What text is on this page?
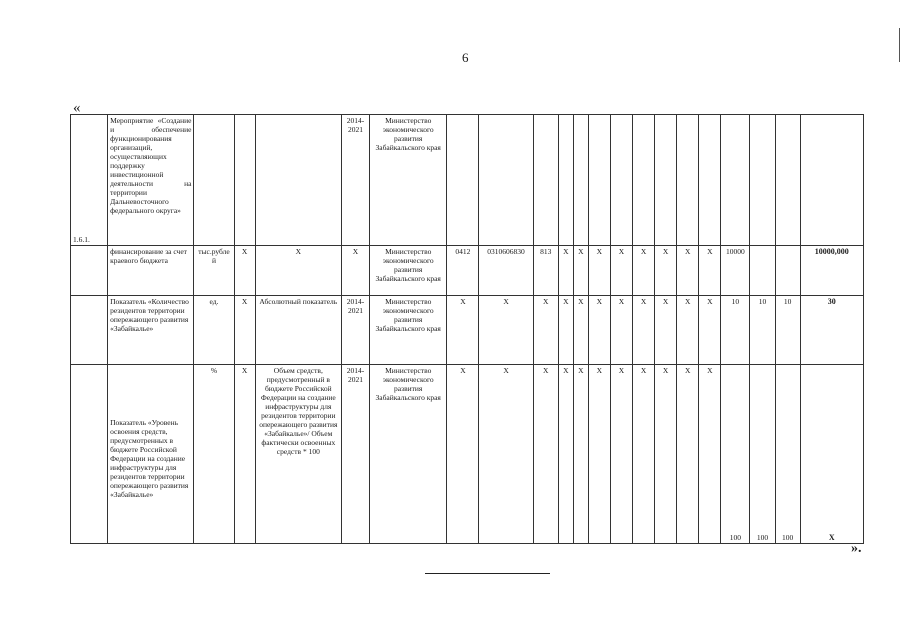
6
«
1.6.1.	Мероприятие «Создание и обеспечение функционирования организаций, осуществляющих поддержку инвестиционной деятельности на территории Дальневосточного федерального округа»				2014-2021	Министерство экономического развития Забайкальского края															

	финансирование за счет краевого бюджета	тыс.рублей	X	X	X	Министерство экономического развития Забайкальского края	0412	0310606830	813	X	X	X	X	X	X	X	X	10000			10000,000

	Показатель «Количество резидентов территории опережающего развития «Забайкалье»	ед.	X	Абсолютный показатель	2014-2021	Министерство экономического развития Забайкальского края	X	X	X	X	X	X	X	X	X	X	X	10	10	10	30

	Показатель «Уровень освоения средств, предусмотренных в бюджете Российской Федерации на создание инфраструктуры для резидентов территории опережающего развития «Забайкалье»	%	X	Объем средств, предусмотренный в бюджете Российской Федерации на создание инфраструктуры для резидентов территории опережающего развития «Забайкалье»/ Объем фактически освоенных средств * 100	2014-2021	Министерство экономического развития Забайкальского края	X	X	X	X	X	X	X	X	X	X	X	100	100	100	X
».
